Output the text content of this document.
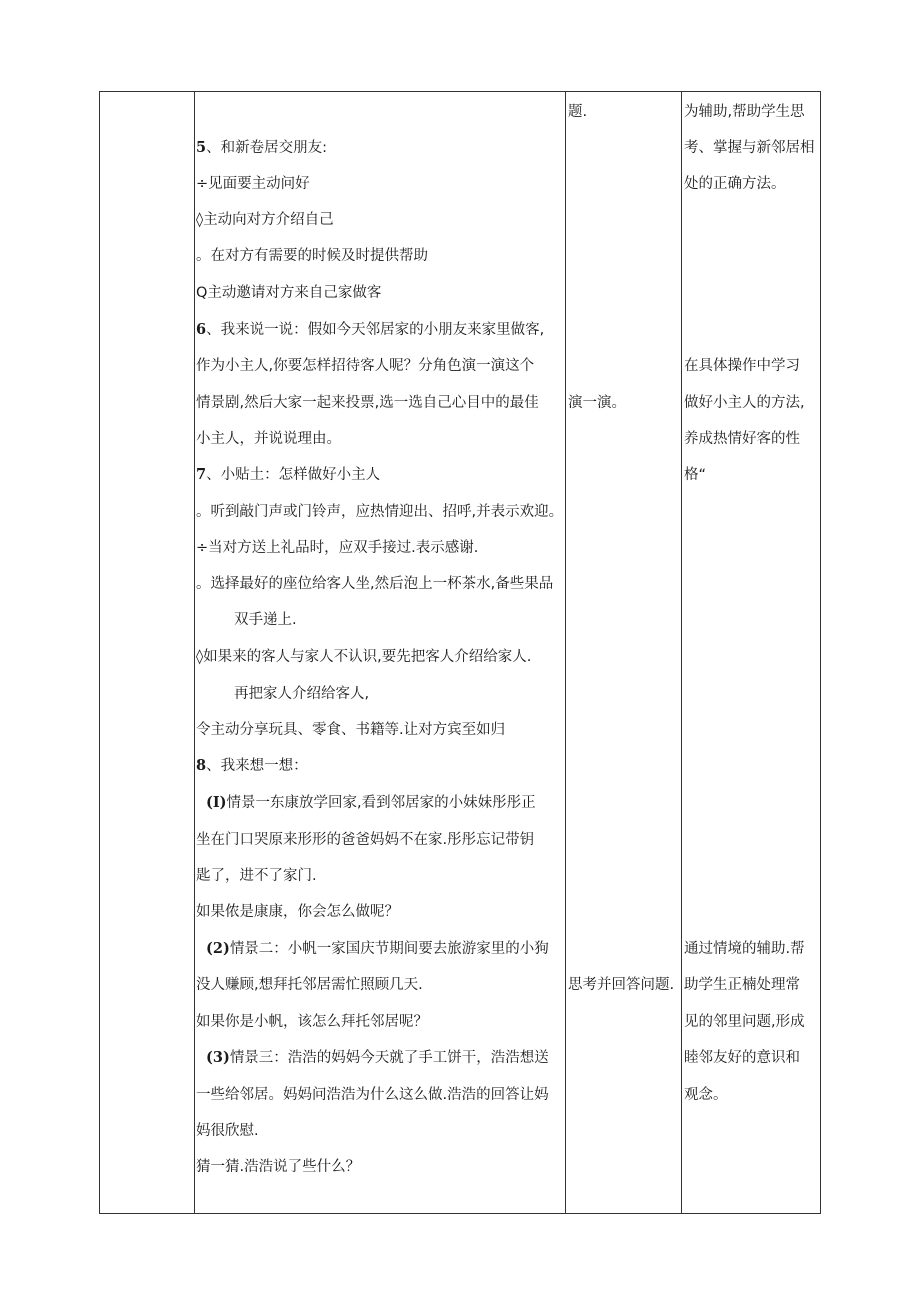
5、和新卷居交朋友:
÷见面要主动问好
◊主动向对方介绍自己
。在对方有需要的时候及时提供帮助
Q主动邀请对方来自己家做客
6、我来说一说：假如今天邻居家的小朋友来家里做客,
作为小主人,你要怎样招待客人呢？分角色演一演这个
情景剧,然后大家一起来投票,选一选自己心目中的最佳
小主人，并说说理由。
7、小贴土：怎样做好小主人
。听到敲门声或门铃声，应热情迎出、招呼,并表示欢迎。
÷当对方送上礼品时，应双手接过.表示感谢.
。选择最好的座位给客人坐,然后泡上一杯茶水,备些果品
双手递上.
◊如果来的客人与家人不认识,要先把客人介绍给家人.
再把家人介绍给客人,
令主动分享玩具、零食、书籍等.让对方宾至如归
8、我来想一想：
(I)情景一东康放学回家,看到邻居家的小妹妹彤彤正
坐在门口哭原来形形的爸爸妈妈不在家.彤彤忘记带钥
匙了，进不了家门.
如果侬是康康，你会怎么做呢？
(2)情景二：小帆一家国庆节期间要去旅游家里的小狗
没人赚顾,想拜托邻居需忙照顾几天.
如果你是小帆，该怎么拜托邻居呢？
(3)情景三：浩浩的妈妈今天就了手工饼干，浩浩想送
一些给邻居。妈妈问浩浩为什么这么做.浩浩的回答让妈
妈很欣慰.
猜一猜.浩浩说了些什么？
题.
演一演。
思考并回答问题.
为辅助,帮助学生思
考、掌握与新邻居相
处的正确方法。
在具体操作中学习
做好小主人的方法,
养成热情好客的性
格“
通过情境的辅助.帮
助学生正楠处理常
见的邻里问题,形成
睦邻友好的意识和
观念。
